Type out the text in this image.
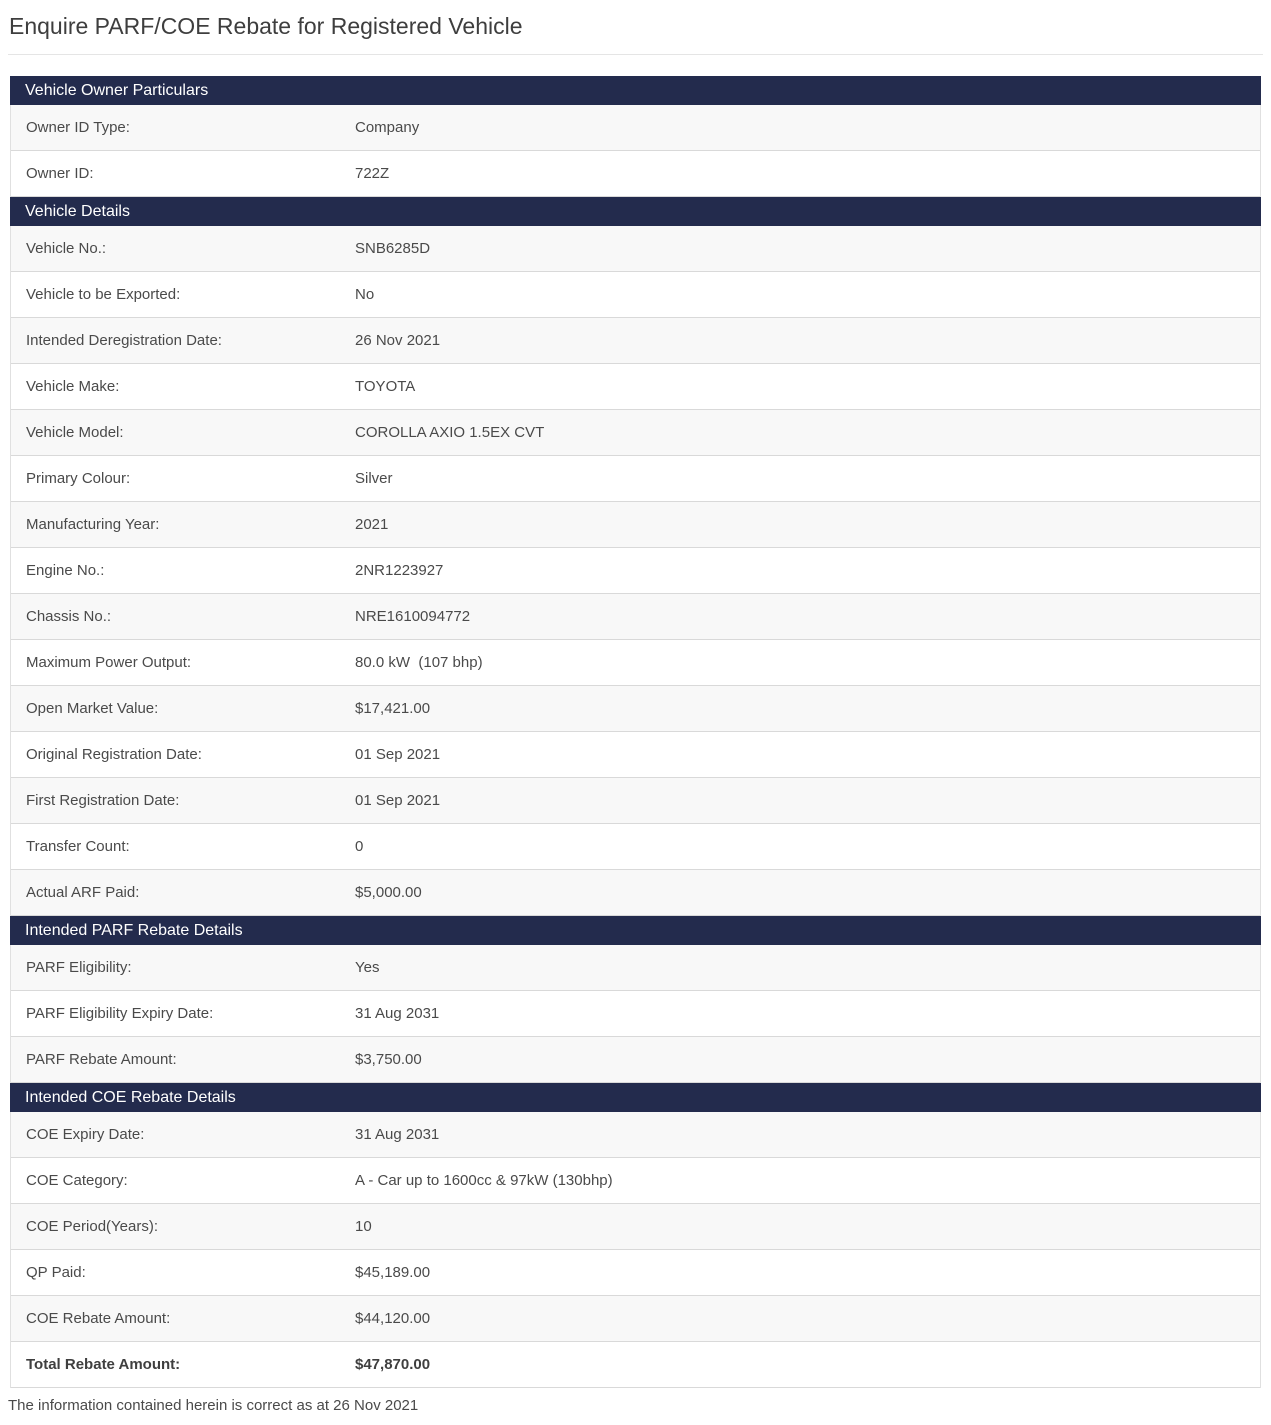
Enquire PARF/COE Rebate for Registered Vehicle
Vehicle Owner Particulars
Owner ID Type:	Company
Owner ID:	722Z
Vehicle Details
Vehicle No.:	SNB6285D
Vehicle to be Exported:	No
Intended Deregistration Date:	26 Nov 2021
Vehicle Make:	TOYOTA
Vehicle Model:	COROLLA AXIO 1.5EX CVT
Primary Colour:	Silver
Manufacturing Year:	2021
Engine No.:	2NR1223927
Chassis No.:	NRE1610094772
Maximum Power Output:	80.0 kW  (107 bhp)
Open Market Value:	$17,421.00
Original Registration Date:	01 Sep 2021
First Registration Date:	01 Sep 2021
Transfer Count:	0
Actual ARF Paid:	$5,000.00
Intended PARF Rebate Details
PARF Eligibility:	Yes
PARF Eligibility Expiry Date:	31 Aug 2031
PARF Rebate Amount:	$3,750.00
Intended COE Rebate Details
COE Expiry Date:	31 Aug 2031
COE Category:	A - Car up to 1600cc & 97kW (130bhp)
COE Period(Years):	10
QP Paid:	$45,189.00
COE Rebate Amount:	$44,120.00
Total Rebate Amount:	$47,870.00

The information contained herein is correct as at 26 Nov 2021
